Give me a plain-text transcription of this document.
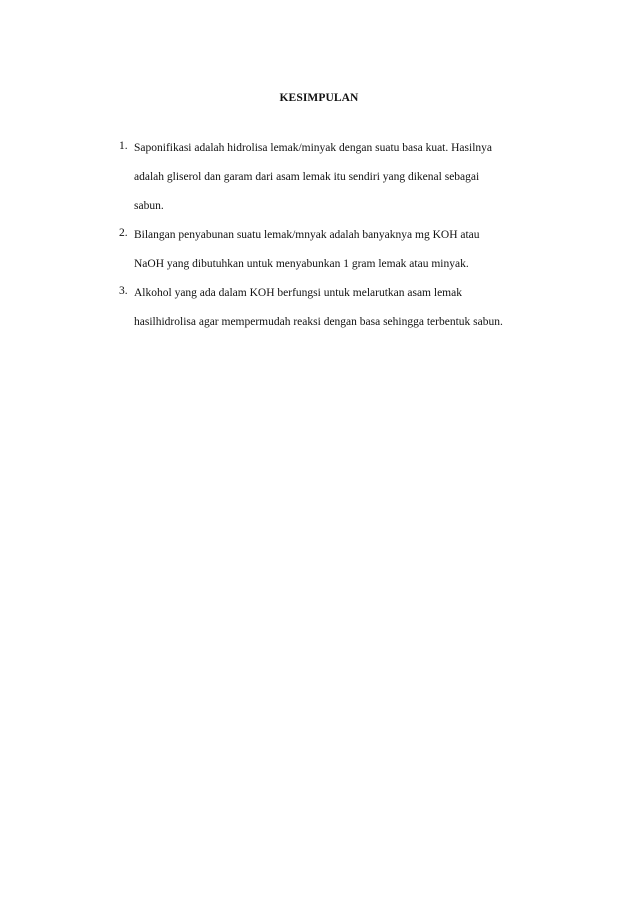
KESIMPULAN
1. Saponifikasi adalah hidrolisa lemak/minyak dengan suatu basa kuat. Hasilnya
adalah gliserol dan garam dari asam lemak itu sendiri yang dikenal sebagai
sabun.
2. Bilangan penyabunan suatu lemak/mnyak adalah banyaknya mg KOH atau
NaOH yang dibutuhkan untuk menyabunkan 1 gram lemak atau minyak.
3. Alkohol yang ada dalam KOH berfungsi untuk melarutkan asam lemak
hasilhidrolisa agar mempermudah reaksi dengan basa sehingga terbentuk sabun.
